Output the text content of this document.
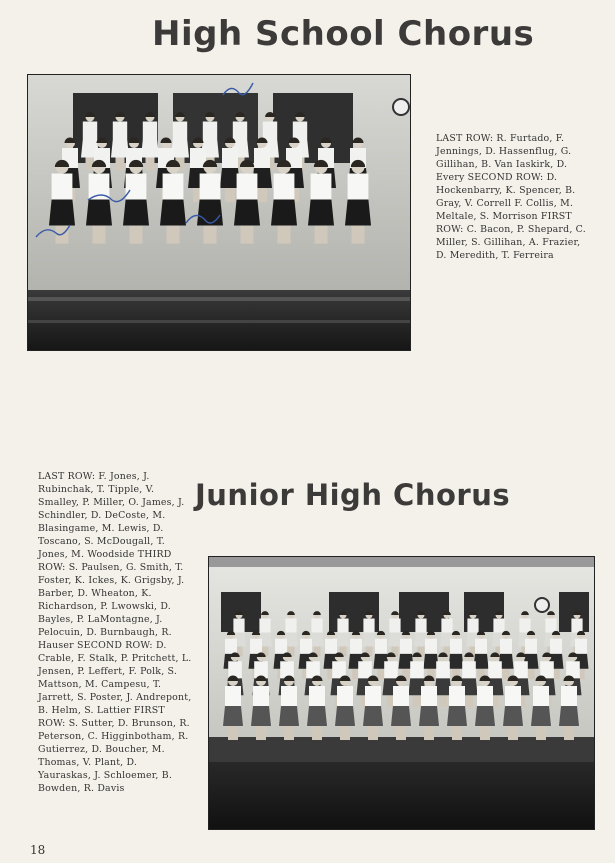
High School Chorus
LAST ROW: R. Furtado, F. Jennings, D. Hassenflug, G. Gillihan, B. Van Iaskirk, D. Every SECOND ROW: D. Hockenbarry, K. Spencer, B. Gray, V. Correll F. Collis, M. Meltale, S. Morrison FIRST ROW: C. Bacon, P. Shepard, C. Miller, S. Gillihan, A. Frazier, D. Meredith, T. Ferreira
Junior High Chorus
LAST ROW: F. Jones, J. Rubinchak, T. Tipple, V. Smalley, P. Miller, O. James, J. Schindler, D. DeCoste, M. Blasingame, M. Lewis, D. Toscano, S. McDougall, T. Jones, M. Woodside THIRD ROW: S. Paulsen, G. Smith, T. Foster, K. Ickes, K. Grigsby, J. Barber, D. Wheaton, K. Richardson, P. Lwowski, D. Bayles, P. LaMontagne, J. Pelocuin, D. Burnbaugh, R. Hauser SECOND ROW: D. Crable, F. Stalk, P. Pritchett, L. Jensen, P. Leffert, F. Polk, S. Mattson, M. Campesu, T. Jarrett, S. Poster, J. Andrepont, B. Helm, S. Lattier FIRST ROW: S. Sutter, D. Brunson, R. Peterson, C. Higginbotham, R. Gutierrez, D. Boucher, M. Thomas, V. Plant, D. Yauraskas, J. Schloemer, B. Bowden, R. Davis
18
